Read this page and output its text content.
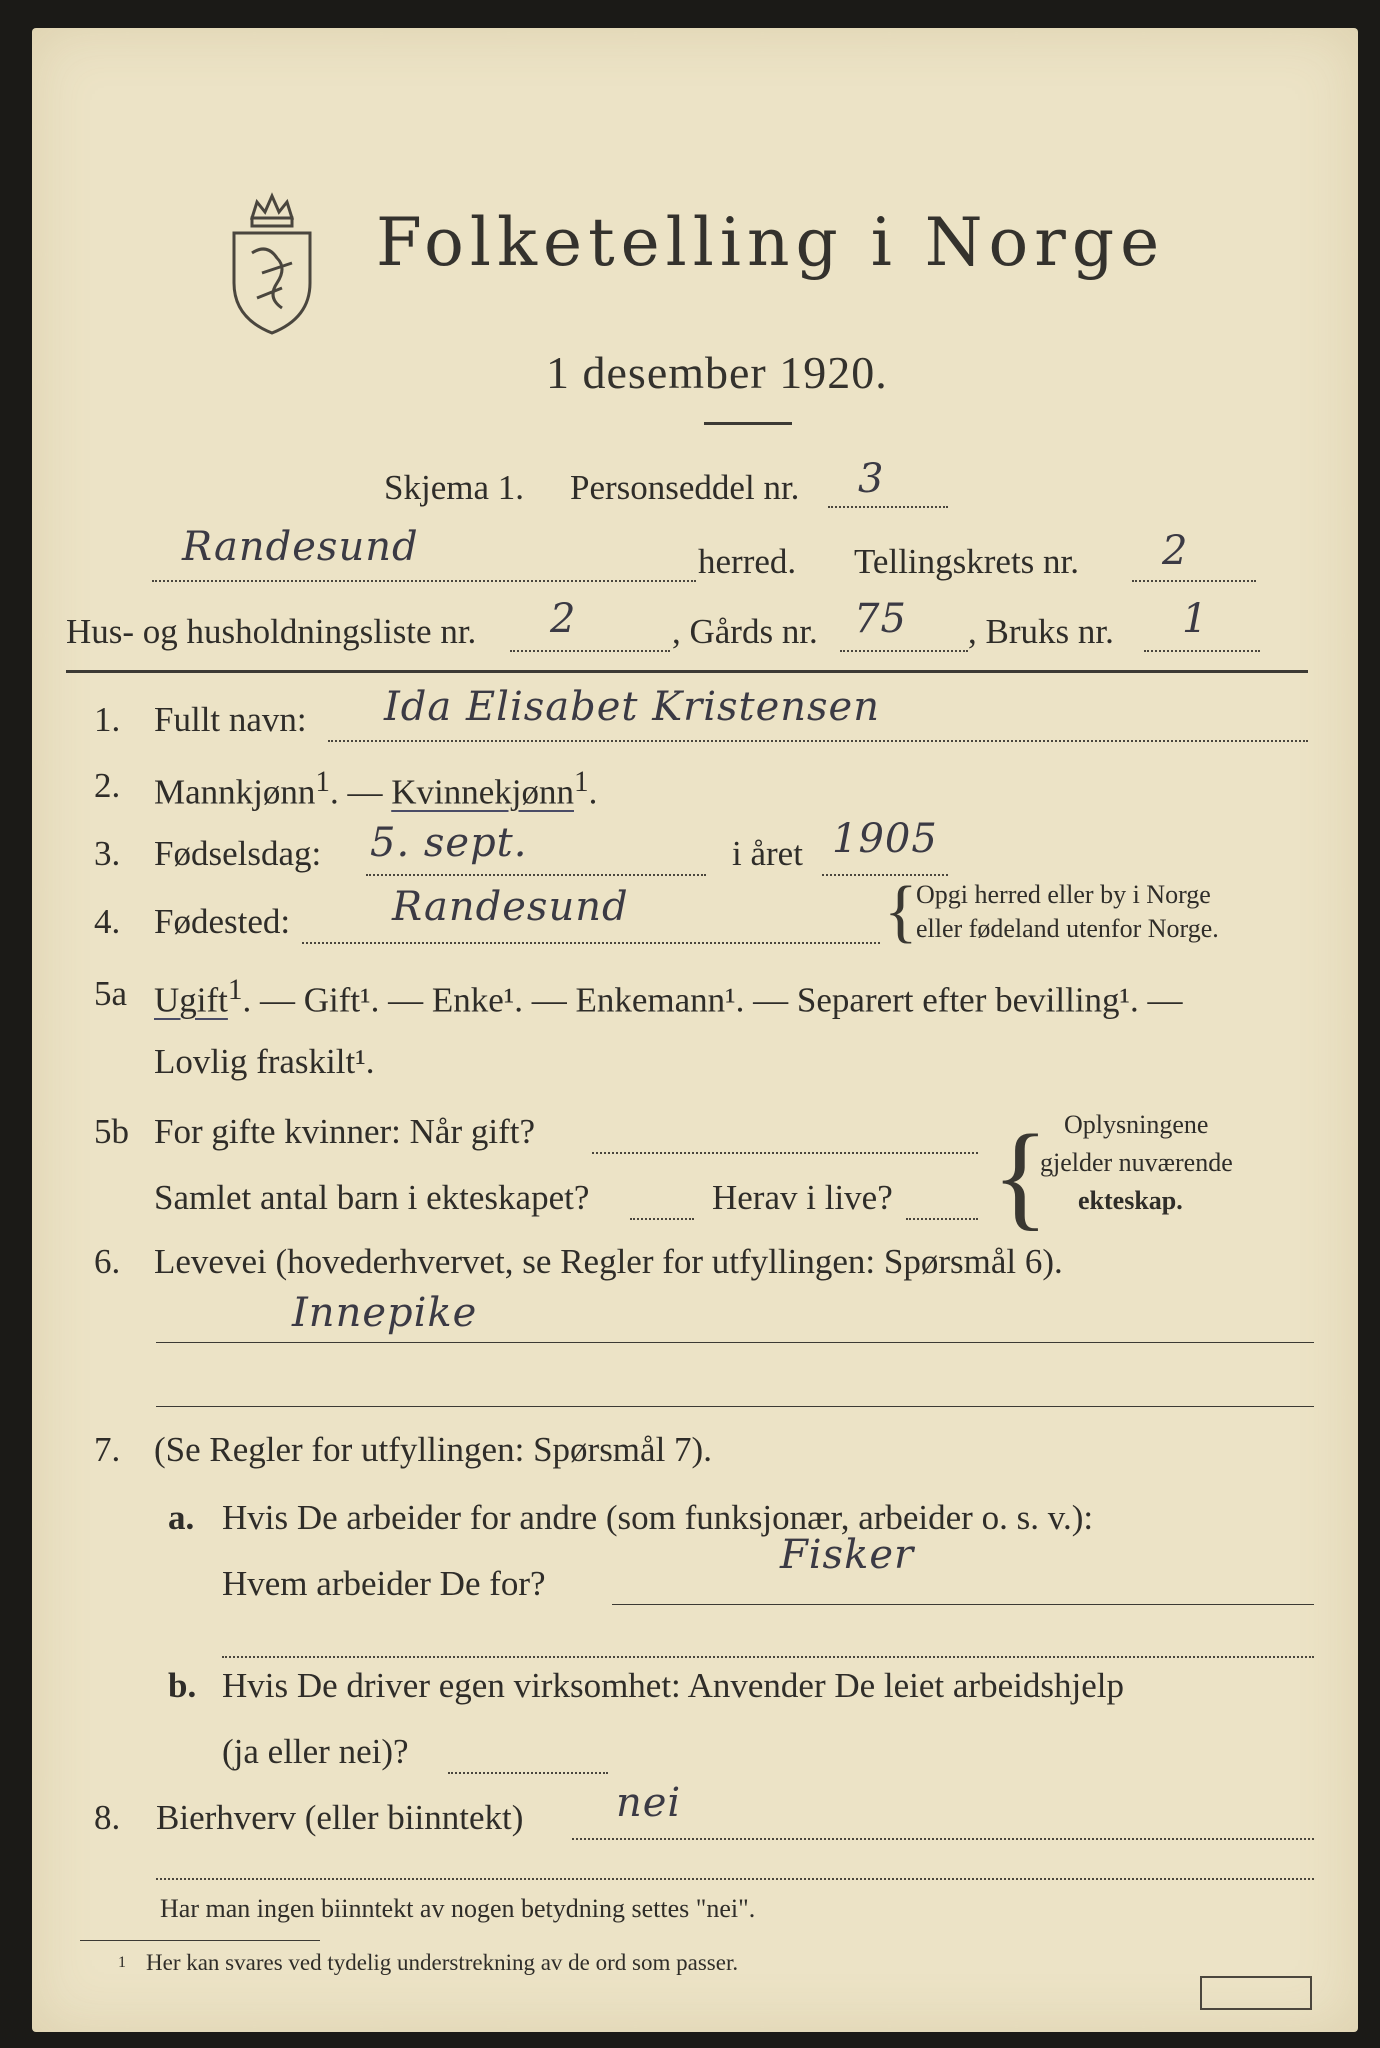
Folketelling i Norge
1 desember 1920.
Skjema 1. Personseddel nr. 3
Randesund	herred. Tellingskrets nr. 2
Hus- og husholdningsliste nr. 2	, Gårds nr. 75 , Bruks nr. 1
1. Fullt navn: Ida Elisabet Kristensen
2. Mannkjønn$^1$. — Kvinnekjønn$^1$.
3. Fødselsdag: 5. sept.	i året 1905
4. Fødested:	Randesund	{
Opgi herred eller by i Norge
eller fødeland utenfor Norge.
5a Ugift$^1$. — Gift¹. — Enke¹. — Enkemann¹. — Separert efter bevilling¹. —
Lovlig fraskilt¹.
5b For gifte kvinner: Når gift?
Samlet antal barn i ekteskapet?	Herav i live? { Oplysningene
gjelder nuværende
ekteskap.
6. Levevei (hovederhvervet, se Regler for utfyllingen: Spørsmål 6).
Innepike
7. (Se Regler for utfyllingen: Spørsmål 7).
a. Hvis De arbeider for andre (som funksjonær, arbeider o. s. v.):
Hvem arbeider De for?
Fisker
b. Hvis De driver egen virksomhet: Anvender De leiet arbeidshjelp
(ja eller nei)?
8. Bierhverv (eller biinntekt) nei
Har man ingen biinntekt av nogen betydning settes "nei".
1 Her kan svares ved tydelig understrekning av de ord som passer.
